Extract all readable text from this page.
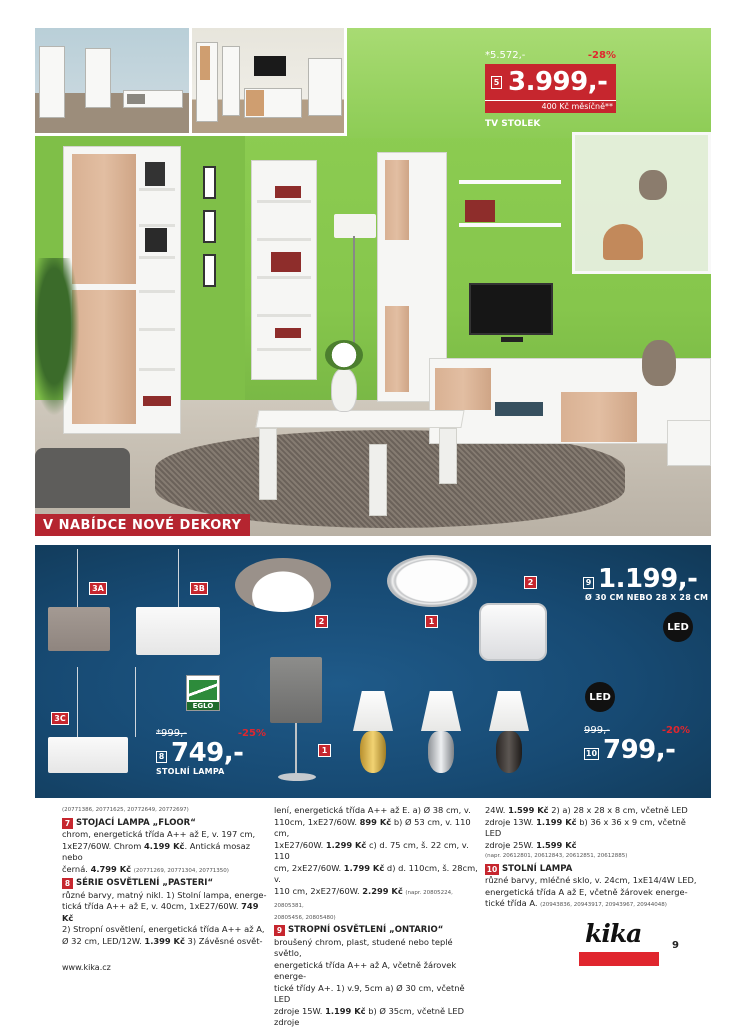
*5.572,-	-28%
5 3.999,-
400 Kč měsíčně**
TV STOLEK
V NABÍDCE NOVÉ DEKORY
3A	3B
2	1
2	9 1.199,-
Ø 30 CM NEBO 28 X 28 CM
LED
3C
EGLO
*999,-	-25%
8 749,-
STOLNÍ LAMPA
1
LED
999,-	-20%
10 799,-
(20771386, 20771625, 20772649, 20772697)
7 STOJACÍ LAMPA „FLOOR“
chrom, energetická třída A++ až E, v. 197 cm,
1xE27/60W. Chrom 4.199 Kč. Antická mosaz nebo
černá. 4.799 Kč (20771269, 20771304, 20771350)
8 SÉRIE OSVĚTLENÍ „PASTERI“
různé barvy, matný nikl. 1) Stolní lampa, energe-
tická třída A++ až E, v. 40cm, 1xE27/60W. 749 Kč
2) Stropní osvětlení, energetická třída A++ až A,
Ø 32 cm, LED/12W. 1.399 Kč 3) Závěsné osvět-
lení, energetická třída A++ až E. a) Ø 38 cm, v.
110cm, 1xE27/60W. 899 Kč b) Ø 53 cm, v. 110 cm,
1xE27/60W. 1.299 Kč c) d. 75 cm, š. 22 cm, v. 110
cm, 2xE27/60W. 1.799 Kč d) d. 110cm, š. 28cm, v.
110 cm, 2xE27/60W. 2.299 Kč (napr. 20805224, 20805381,
20805456, 20805480)
9 STROPNÍ OSVĚTLENÍ „ONTARIO“
broušený chrom, plast, studené nebo teplé světlo,
energetická třída A++ až A, včetně žárovek energe-
tické třídy A+. 1) v.9, 5cm a) Ø 30 cm, včetně LED
zdroje 15W. 1.199 Kč b) Ø 35cm, včetně LED zdroje
24W. 1.599 Kč 2) a) 28 x 28 x 8 cm, včetně LED
zdroje 13W. 1.199 Kč b) 36 x 36 x 9 cm, včetně LED
zdroje 25W. 1.599 Kč
(napr. 20612801, 20612843, 20612851, 20612885)
10 STOLNÍ LAMPA
různé barvy, mléčné sklo, v. 24cm, 1xE14/4W LED,
energetická třída A až E, včetně žárovek energe-
tické třída A. (20943836, 20943917, 20943967, 20944048)
kika	9
www.kika.cz
